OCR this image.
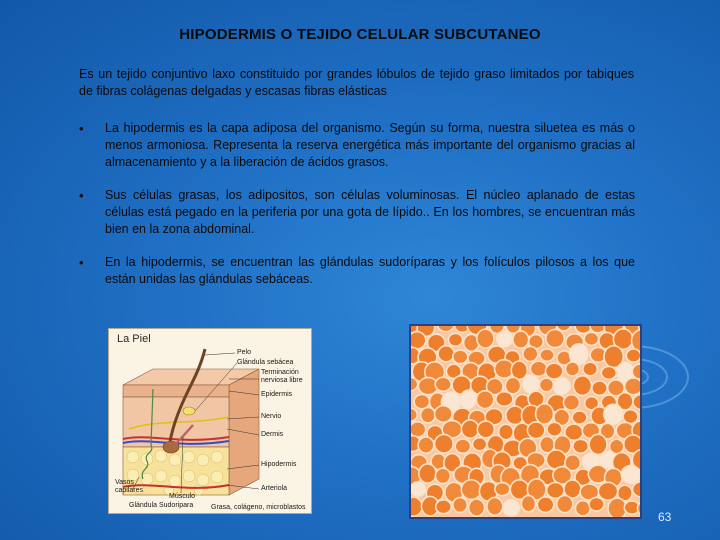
HIPODERMIS O TEJIDO CELULAR SUBCUTANEO
Es un tejido conjuntivo laxo constituido por grandes lóbulos de tejido graso limitados por tabiques de fibras colágenas delgadas y escasas fibras elásticas
• La hipodermis es la capa adiposa del organismo. Según su forma, nuestra siluetea es más o menos armoniosa. Representa la reserva energética más importante del organismo gracias al almacenamiento y a la liberación de ácidos grasos.
• Sus células grasas, los adipositos, son células voluminosas. El núcleo aplanado de estas células está pegado en la periferia por una gota de lípido.. En los hombres, se encuentran más bien en la zona abdominal.
• En la hipodermis, se encuentran las glándulas sudoríparas y los folículos pilosos a los que están unidas las glándulas sebáceas.
La Piel
Pelo
Glándula sebácea
Terminación
nerviosa libre
Epidermis
Nervio
Dermis
Hipodermis
Arteriola
Vasos
capilares
Músculo
Glándula Sudoripara	Grasa, colágeno, microblastos
63
